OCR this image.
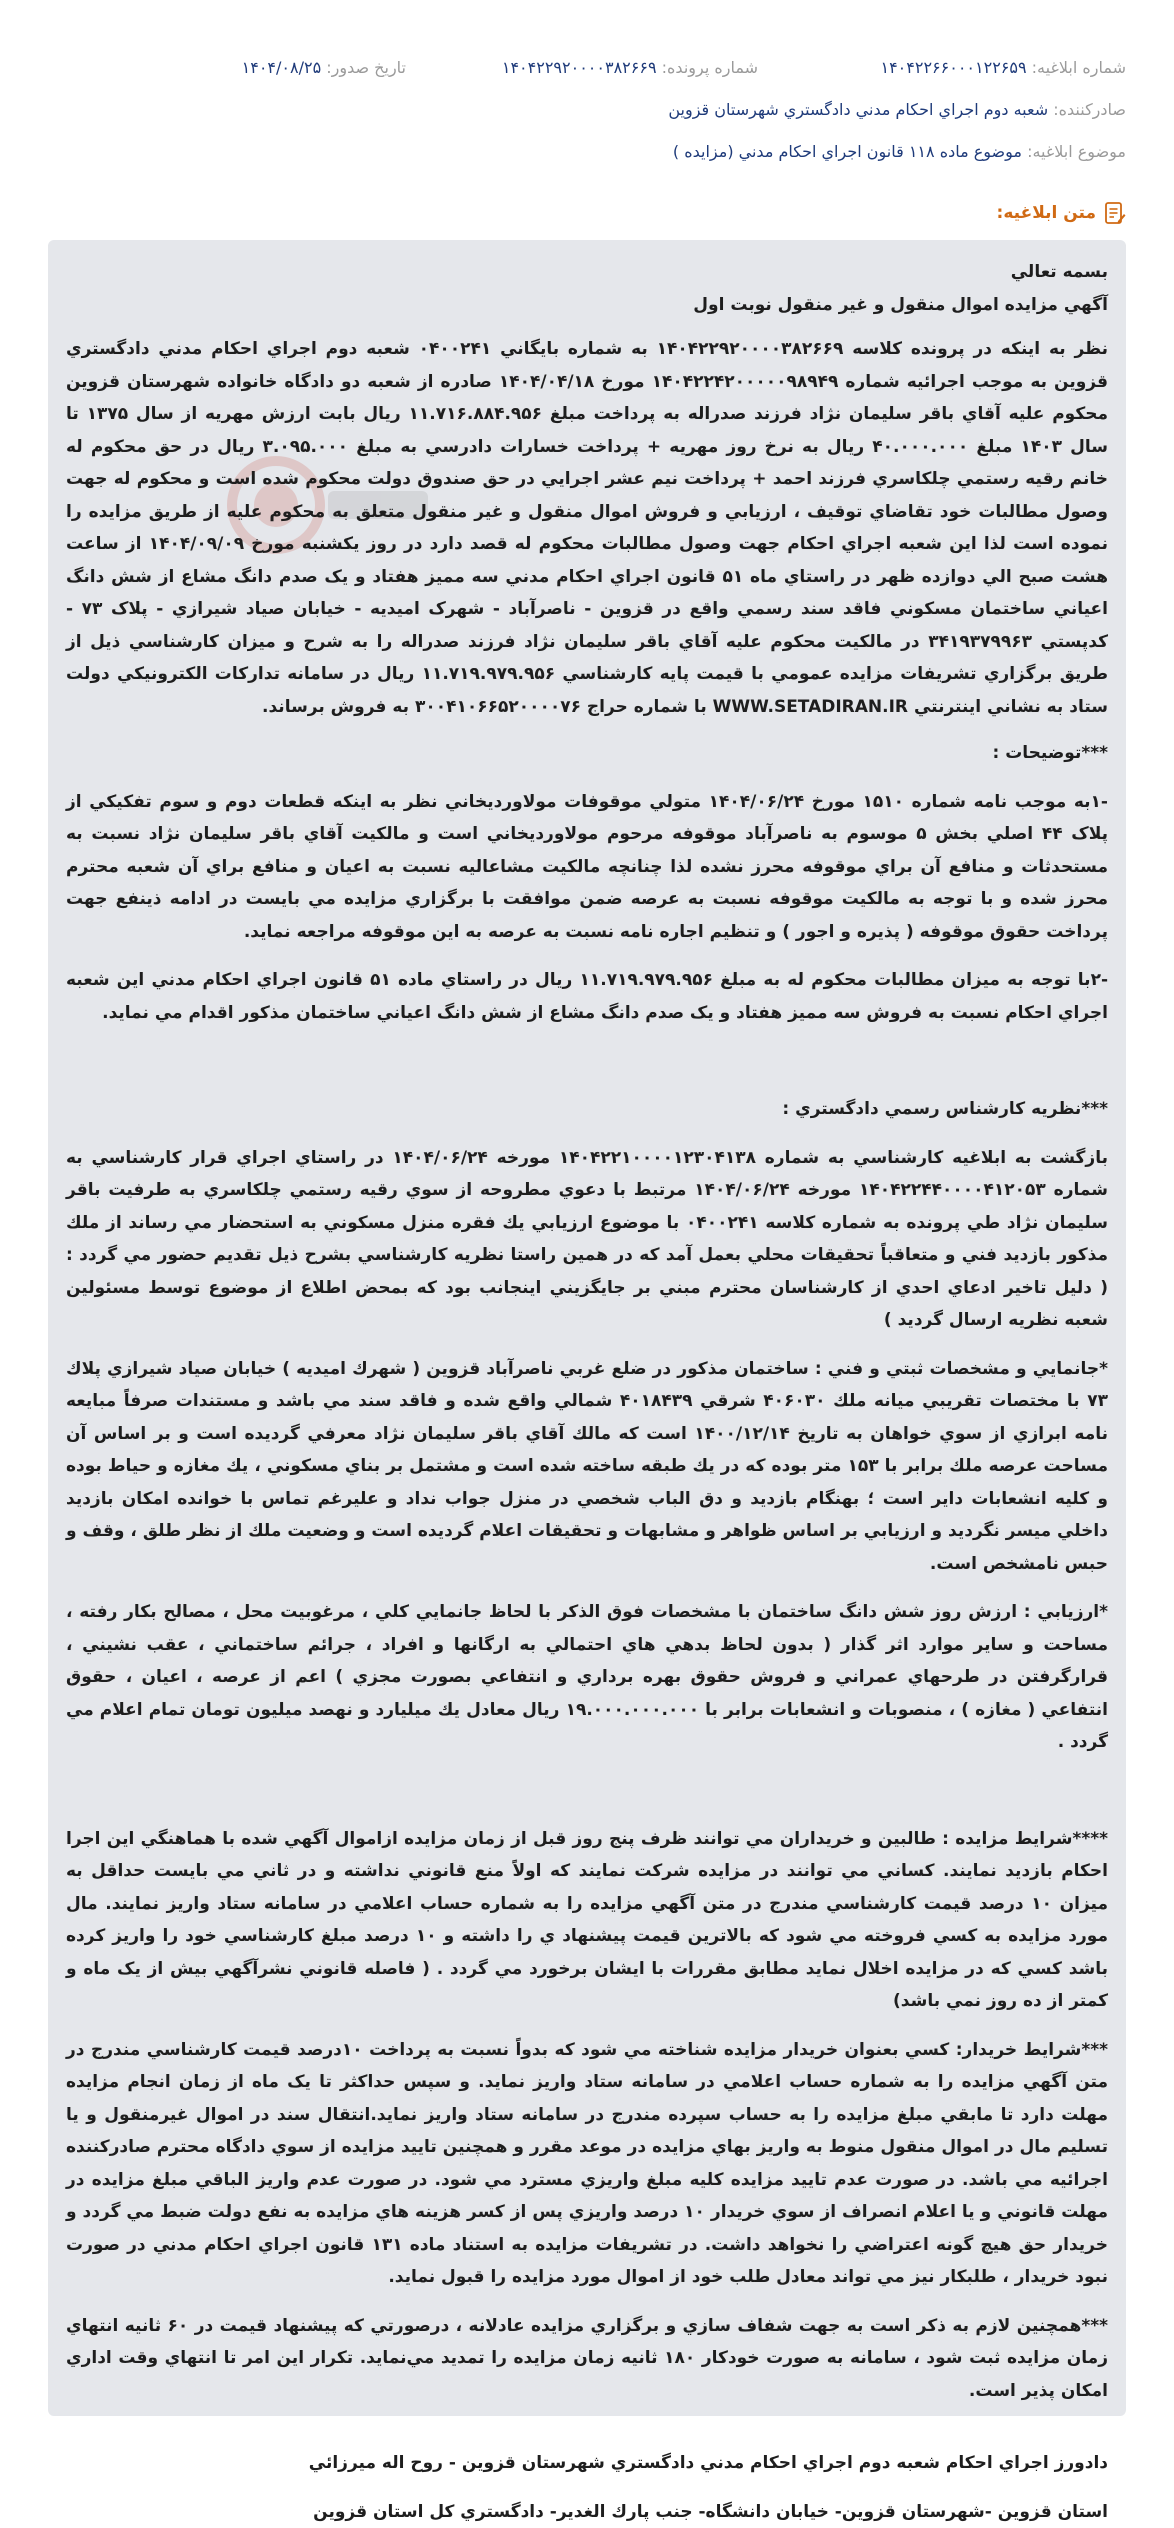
شماره ابلاغيه: ۱۴۰۴۲۲۶۶۰۰۰۱۲۲۶۵۹
شماره پرونده: ۱۴۰۴۲۲۹۲۰۰۰۰۳۸۲۶۶۹
تاريخ صدور: ۱۴۰۴/۰۸/۲۵
صادرکننده: شعبه دوم اجراي احکام مدني دادگستري شهرستان قزوين
موضوع ابلاغيه: موضوع ماده ۱۱۸ قانون اجراي احکام مدني (مزايده )
متن ابلاغيه:

بسمه تعالي

آگهي مزايده اموال منقول و غير منقول نوبت اول

نظر به اينکه در پرونده کلاسه ۱۴۰۴۲۲۹۲۰۰۰۰۳۸۲۶۶۹ به شماره بايگاني ۰۴۰۰۲۴۱ شعبه دوم اجراي احکام مدني دادگستري قزوين به موجب اجرائيه شماره ۱۴۰۴۲۲۴۲۰۰۰۰۰۹۸۹۴۹ مورخ ۱۴۰۴/۰۴/۱۸ صادره از شعبه دو دادگاه خانواده شهرستان قزوين محکوم عليه آقاي باقر سليمان نژاد فرزند صدراله به پرداخت مبلغ ۱۱.۷۱۶.۸۸۴.۹۵۶ ريال بابت ارزش مهريه از سال ۱۳۷۵ تا سال ۱۴۰۳ مبلغ ۴۰.۰۰۰.۰۰۰ ريال به نرخ روز مهريه + پرداخت خسارات دادرسي به مبلغ ۳.۰۹۵.۰۰۰ ريال در حق محکوم له خانم رقيه رستمي چلکاسري فرزند احمد + پرداخت نيم عشر اجرايي در حق صندوق دولت محکوم شده است و محکوم له جهت وصول مطالبات خود تقاضاي توقيف ، ارزيابي و فروش اموال منقول و غير منقول متعلق به محکوم عليه از طريق مزايده را نموده است لذا اين شعبه اجراي احکام جهت وصول مطالبات محکوم له قصد دارد در روز يکشنبه مورخ ۱۴۰۴/۰۹/۰۹ از ساعت هشت صبح الي دوازده ظهر در راستاي ماه ۵۱ قانون اجراي احکام مدني سه مميز هفتاد و يک صدم دانگ مشاع از شش دانگ اعياني ساختمان مسکوني فاقد سند رسمي واقع در قزوين - ناصرآباد - شهرک اميديه - خيابان صياد شيرازي - پلاک ۷۳ - کدپستي ۳۴۱۹۳۷۹۹۶۳ در مالکيت محکوم عليه آقاي باقر سليمان نژاد فرزند صدراله را به شرح و ميزان کارشناسي ذيل از طريق برگزاري تشريفات مزايده عمومي با قيمت پايه کارشناسي ۱۱.۷۱۹.۹۷۹.۹۵۶ ريال در سامانه تدارکات الکترونيکي دولت ستاد به نشاني اينترنتي WWW.SETADIRAN.IR با شماره حراج ۳۰۰۴۱۰۶۶۵۲۰۰۰۰۷۶ به فروش برساند.

***توضيحات :

-۱به موجب نامه شماره ۱۵۱۰ مورخ ۱۴۰۴/۰۶/۲۴ متولي موقوفات مولاورديخاني نظر به اينکه قطعات دوم و سوم تفکيکي از پلاک ۴۴ اصلي بخش ۵ موسوم به ناصرآباد موقوفه مرحوم مولاورديخاني است و مالکيت آقاي باقر سليمان نژاد نسبت به مستحدثات و منافع آن براي موقوفه محرز نشده لذا چنانچه مالکيت مشاعاليه نسبت به اعيان و منافع براي آن شعبه محترم محرز شده و با توجه به مالکيت موقوفه نسبت به عرصه ضمن موافقت با برگزاري مزايده مي بايست در ادامه ذينفع جهت پرداخت حقوق موقوفه ( پذيره و اجور ) و تنظيم اجاره نامه نسبت به عرصه به اين موقوفه مراجعه نمايد.

-۲با توجه به ميزان مطالبات محکوم له به مبلغ ۱۱.۷۱۹.۹۷۹.۹۵۶ ريال در راستاي ماده ۵۱ قانون اجراي احکام مدني اين شعبه اجراي احکام نسبت به فروش سه مميز هفتاد و يک صدم دانگ مشاع از شش دانگ اعياني ساختمان مذکور اقدام مي نمايد.

***نظريه کارشناس رسمي دادگستري :

بازگشت به ابلاغيه کارشناسي به شماره ۱۴۰۴۲۲۱۰۰۰۰۱۲۳۰۴۱۳۸ مورخه ۱۴۰۴/۰۶/۲۴ در راستاي اجراي قرار کارشناسي به شماره ۱۴۰۴۲۲۴۴۰۰۰۰۴۱۲۰۵۳ مورخه ۱۴۰۴/۰۶/۲۴ مرتبط با دعوي مطروحه از سوي رقيه رستمي چلکاسري به طرفيت باقر سليمان نژاد طي پرونده به شماره کلاسه ۰۴۰۰۲۴۱ با موضوع ارزيابي يك فقره منزل مسکوني به استحضار مي رساند از ملك مذكور بازديد فني و متعاقباً تحقيقات محلي بعمل آمد که در همين راستا نظريه کارشناسي بشرح ذيل تقديم حضور مي گردد : ( دليل تاخير ادعاي احدي از کارشناسان محترم مبني بر جايگزيني اينجانب بود که بمحض اطلاع از موضوع توسط مسئولين شعبه نظريه ارسال گرديد )

*جانمايي و مشخصات ثبتي و فني : ساختمان مذکور در ضلع غربي ناصرآباد قزوين ( شهرك اميديه ) خيابان صياد شيرازي پلاك ۷۳ با مختصات تقريبي ميانه ملك ۴۰۶۰۳۰ شرقي ۴۰۱۸۴۳۹ شمالي واقع شده و فاقد سند مي باشد و مستندات صرفاً مبايعه نامه ابرازي از سوي خواهان به تاريخ ۱۴۰۰/۱۲/۱۴ است که مالك آقاي باقر سليمان نژاد معرفي گرديده است و بر اساس آن مساحت عرصه ملك برابر با ۱۵۳ متر بوده که در يك طبقه ساخته شده است و مشتمل بر بناي مسكوني ، يك مغازه و حياط بوده و كليه انشعابات داير است ؛ بهنگام بازديد و دق الباب شخصي در منزل جواب نداد و عليرغم تماس با خوانده امکان بازديد داخلي ميسر نگرديد و ارزيابي بر اساس ظواهر و مشابهات و تحقيقات اعلام گرديده است و وضعيت ملك از نظر طلق ، وقف و حبس نامشخص است.

*ارزيابي : ارزش روز شش دانگ ساختمان با مشخصات فوق الذکر با لحاظ جانمايي کلي ، مرغوبيت محل ، مصالح بکار رفته ، مساحت و ساير موارد اثر گذار ( بدون لحاظ بدهي هاي احتمالي به ارگانها و افراد ، جرائم ساختماني ، عقب نشيني ، قرارگرفتن در طرحهاي عمراني و فروش حقوق بهره برداري و انتفاعي بصورت مجزي ) اعم از عرصه ، اعيان ، حقوق انتفاعي ( مغازه ) ، منصوبات و انشعابات برابر با ۱۹.۰۰۰.۰۰۰.۰۰۰ ريال معادل يك ميليارد و نهصد ميليون تومان تمام اعلام مي گردد .

****شرايط مزايده : طالبين و خريداران مي توانند ظرف پنج روز قبل از زمان مزايده ازاموال آگهي شده با هماهنگي اين اجرا احکام بازديد نمايند. کساني مي توانند در مزايده شرکت نمايند که اولاً منع قانوني نداشته و در ثاني مي بايست حداقل به ميزان ۱۰ درصد قيمت کارشناسي مندرج در متن آگهي مزايده را به شماره حساب اعلامي در سامانه ستاد واريز نمايند. مال مورد مزايده به کسي فروخته مي شود که بالاترين قيمت پيشنهاد ي را داشته و ۱۰ درصد مبلغ کارشناسي خود را واريز کرده باشد کسي که در مزايده اخلال نمايد مطابق مقررات با ايشان برخورد مي گردد . ( فاصله قانوني نشرآگهي بيش از يک ماه و کمتر از ده روز نمي باشد)

***شرايط خريدار: کسي بعنوان خريدار مزايده شناخته مي شود که بدواً نسبت به پرداخت ۱۰درصد قيمت کارشناسي مندرج در متن آگهي مزايده را به شماره حساب اعلامي در سامانه ستاد واريز نمايد. و سپس حداکثر تا يک ماه از زمان انجام مزايده مهلت دارد تا مابقي مبلغ مزايده را به حساب سپرده مندرج در سامانه ستاد واريز نمايد.انتقال سند در اموال غيرمنقول و يا تسليم مال در اموال منقول منوط به واريز بهاي مزايده در موعد مقرر و همچنين تاييد مزايده از سوي دادگاه محترم صادرکننده اجرائيه مي باشد. در صورت عدم تاييد مزايده کليه مبلغ واريزي مسترد مي شود. در صورت عدم واريز الباقي مبلغ مزايده در مهلت قانوني و يا اعلام انصراف از سوي خريدار ۱۰ درصد واريزي پس از کسر هزينه هاي مزايده به نفع دولت ضبط مي گردد و خريدار حق هيچ گونه اعتراضي را نخواهد داشت. در تشريفات مزايده به استناد ماده ۱۳۱ قانون اجراي احکام مدني در صورت نبود خريدار ، طلبکار نيز مي تواند معادل طلب خود از اموال مورد مزايده را قبول نمايد.

***همچنين لازم به ذکر است به جهت شفاف سازي و برگزاري مزايده عادلانه ، درصورتي که پيشنهاد قيمت در ۶۰ ثانيه انتهاي زمان مزايده ثبت شود ، سامانه به صورت خودکار ۱۸۰ ثانيه زمان مزايده را تمديد مي‌نمايد. تکرار اين امر تا انتهاي وقت اداري امکان پذير است.

دادورز اجراي احکام شعبه دوم اجراي احکام مدني دادگستري شهرستان قزوين - روح اله ميرزائي

استان قزوين -شهرستان قزوين- خيابان دانشگاه- جنب پارك الغدير- دادگستري كل استان قزوين
